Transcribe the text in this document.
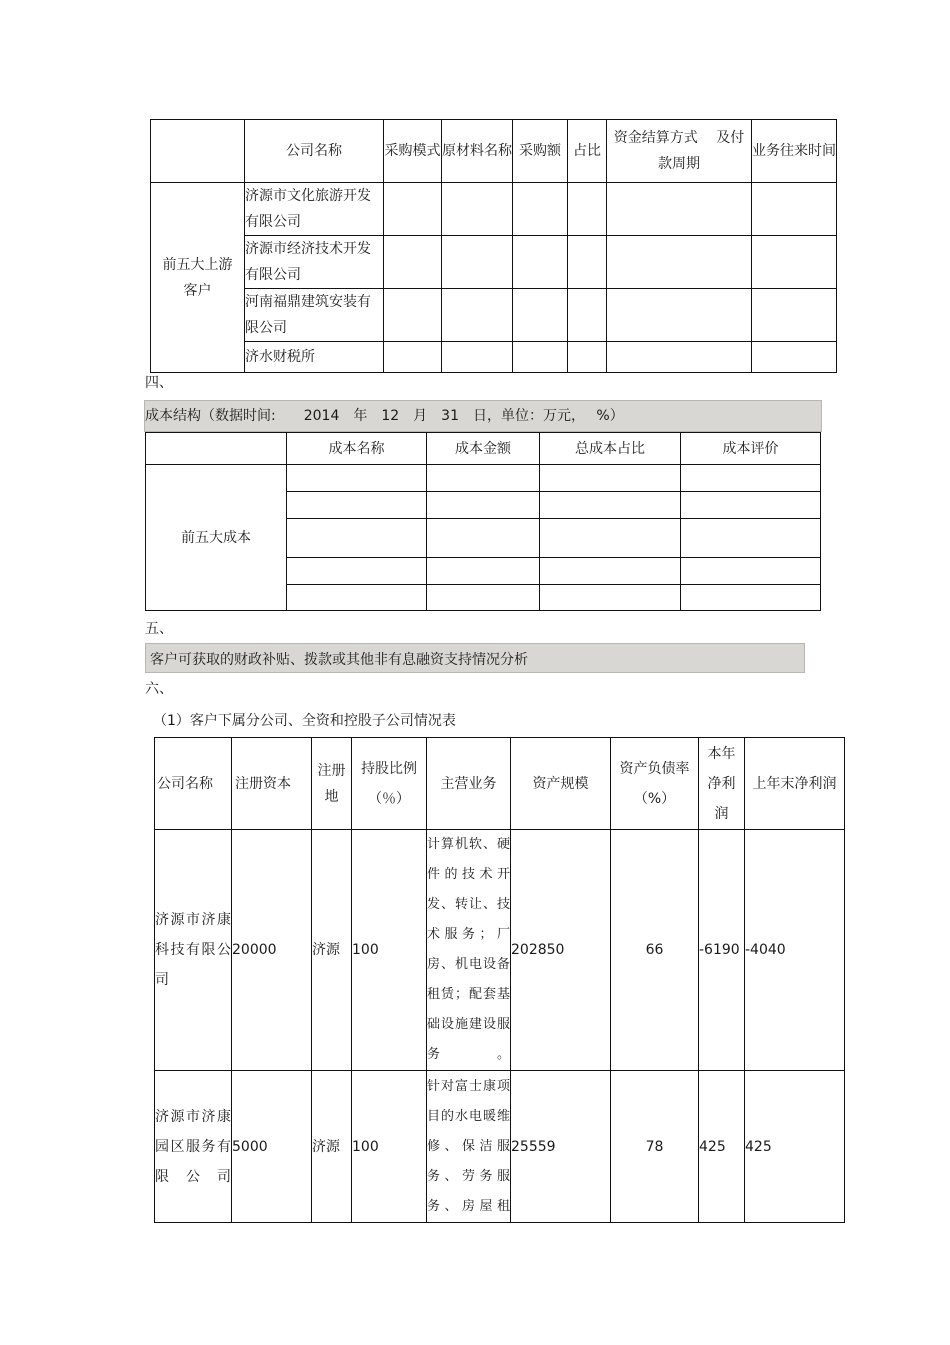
	公司名称	采购模式	原材料名称	采购额	占比	资金结算方式　 及付款周期	业务往来时间
前五大上游客户	济源市文化旅游开发有限公司						
	济源市经济技术开发有限公司						
	河南福鼎建筑安装有限公司						
	济水财税所						
四、
成本结构（数据时间:　　2014　年　12　月　31　日，单位：万元，　 %）
	成本名称	成本金额	总成本占比	成本评价
前五大成本				

五、
客户可获取的财政补贴、拨款或其他非有息融资支持情况分析
六、
（1）客户下属分公司、全资和控股子公司情况表
公司名称	注册资本	注册地	持股比例（％）	主营业务	资产规模	资产负债率（%）	本年净利润	上年末净利润
济源市济康科技有限公司	20000	济源	100	计算机软、硬件的技术开发、转让、技术服务；厂房、机电设备租赁；配套基础设施建设服务。	202850	66	-6190	-4040
济源市济康园区服务有限公司	5000	济源	100	针对富士康项目的水电暖维修、保洁服务、劳务服务、房屋租	25559	78	425	425
